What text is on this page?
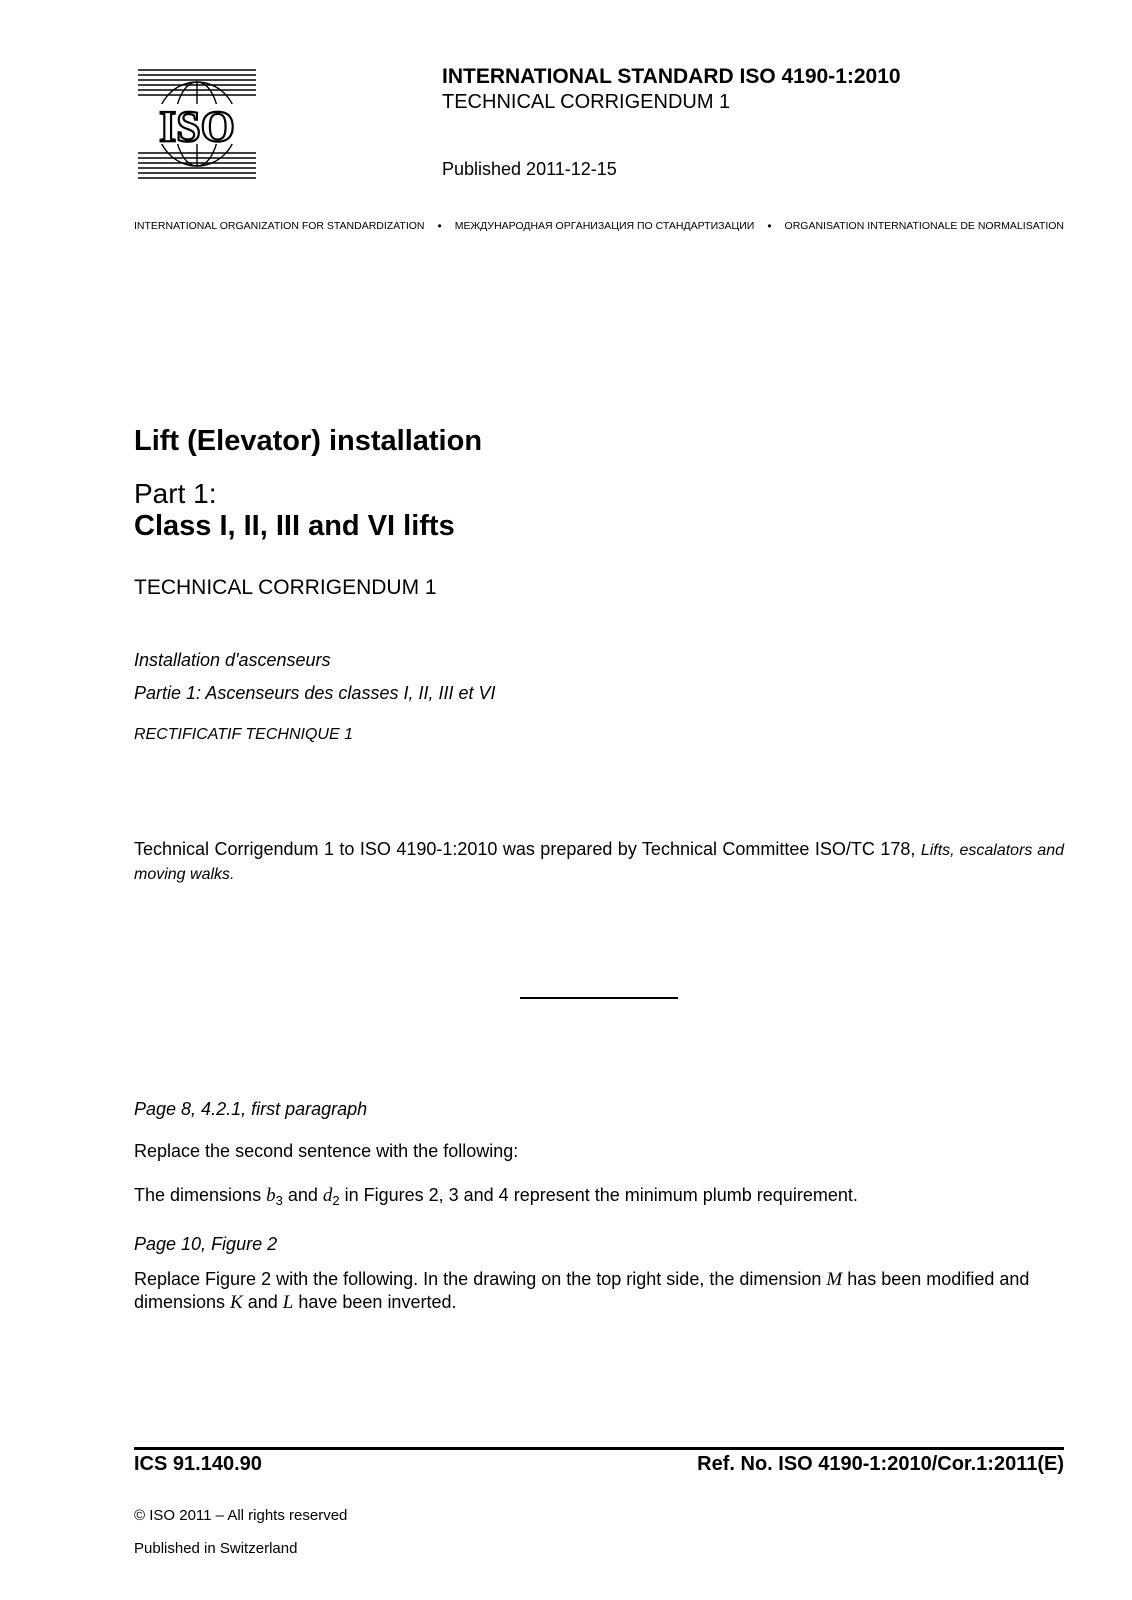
ISO
INTERNATIONAL STANDARD ISO 4190-1:2010
TECHNICAL CORRIGENDUM 1
Published 2011-12-15
INTERNATIONAL ORGANIZATION FOR STANDARDIZATION • МЕЖДУНАРОДНАЯ ОРГАНИЗАЦИЯ ПО СТАНДАРТИЗАЦИИ • ORGANISATION INTERNATIONALE DE NORMALISATION
Lift (Elevator) installation
Part 1:
Class I, II, III and VI lifts
TECHNICAL CORRIGENDUM 1
Installation d'ascenseurs
Partie 1: Ascenseurs des classes I, II, III et VI
RECTIFICATIF TECHNIQUE 1
Technical Corrigendum 1 to ISO 4190-1:2010 was prepared by Technical Committee ISO/TC 178, Lifts, escalators and moving walks.
Page 8, 4.2.1, first paragraph
Replace the second sentence with the following:
The dimensions $b_3$ and $d_2$ in Figures 2, 3 and 4 represent the minimum plumb requirement.
Page 10, Figure 2
Replace Figure 2 with the following. In the drawing on the top right side, the dimension M has been modified and dimensions K and L have been inverted.
ICS 91.140.90	Ref. No. ISO 4190-1:2010/Cor.1:2011(E)
© ISO 2011 – All rights reserved
Published in Switzerland
